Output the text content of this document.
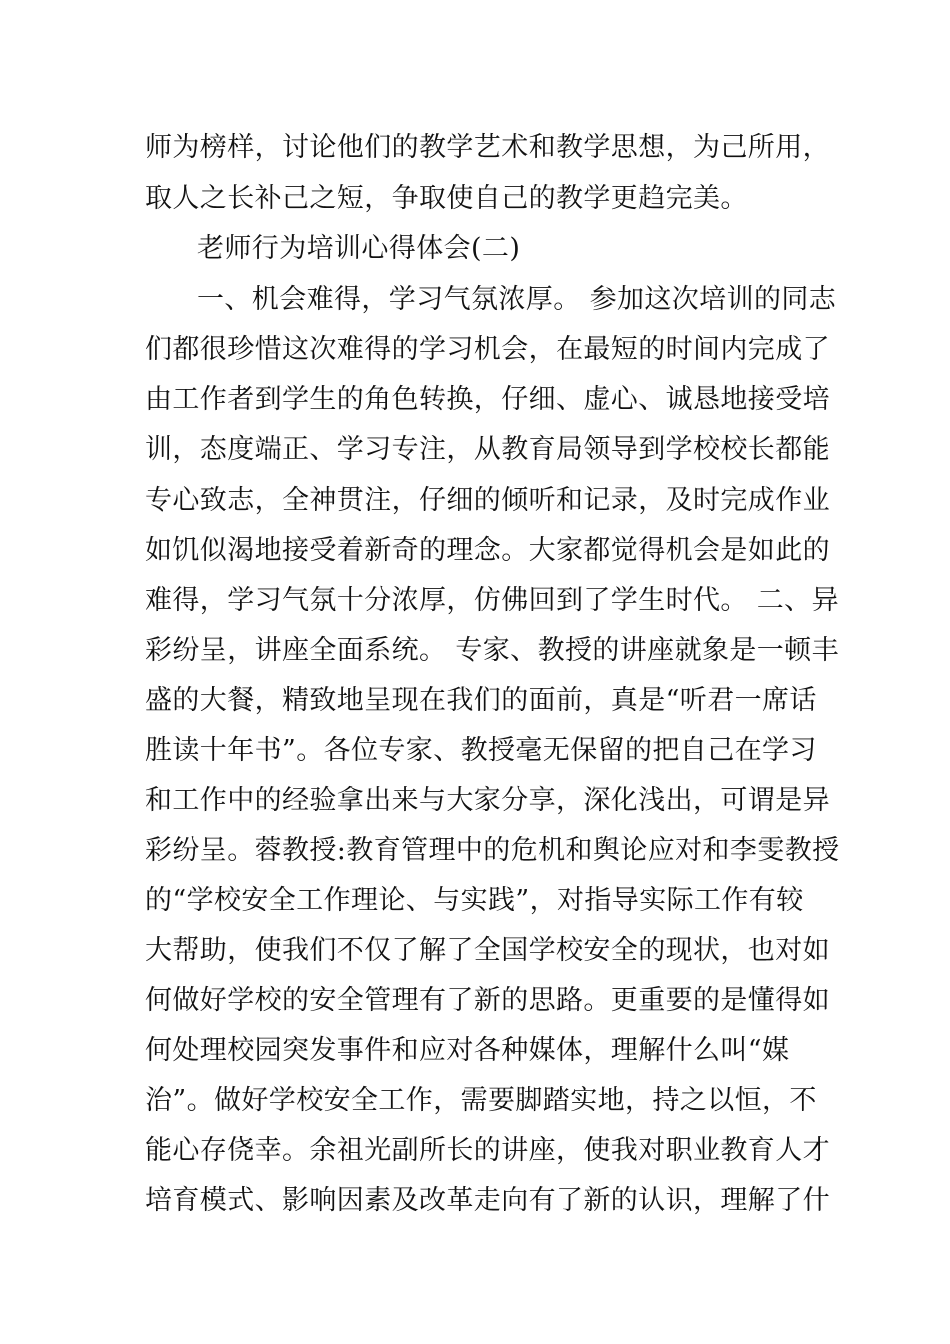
师为榜样，讨论他们的教学艺术和教学思想，为己所用，
取人之长补己之短，争取使自己的教学更趋完美。
老师行为培训心得体会(二)
一、机会难得，学习气氛浓厚。 参加这次培训的同志
们都很珍惜这次难得的学习机会，在最短的时间内完成了
由工作者到学生的角色转换，仔细、虚心、诚恳地接受培
训，态度端正、学习专注，从教育局领导到学校校长都能
专心致志，全神贯注，仔细的倾听和记录，及时完成作业
如饥似渴地接受着新奇的理念。大家都觉得机会是如此的
难得，学习气氛十分浓厚，仿佛回到了学生时代。 二、异
彩纷呈，讲座全面系统。 专家、教授的讲座就象是一顿丰
盛的大餐，精致地呈现在我们的面前，真是“听君一席话
胜读十年书”。各位专家、教授毫无保留的把自己在学习
和工作中的经验拿出来与大家分享，深化浅出，可谓是异
彩纷呈。蓉教授:教育管理中的危机和舆论应对和李雯教授
的“学校安全工作理论、与实践”，对指导实际工作有较
大帮助，使我们不仅了解了全国学校安全的现状，也对如
何做好学校的安全管理有了新的思路。更重要的是懂得如
何处理校园突发事件和应对各种媒体，理解什么叫“媒
治”。做好学校安全工作，需要脚踏实地，持之以恒，不
能心存侥幸。余祖光副所长的讲座，使我对职业教育人才
培育模式、影响因素及改革走向有了新的认识，理解了什
